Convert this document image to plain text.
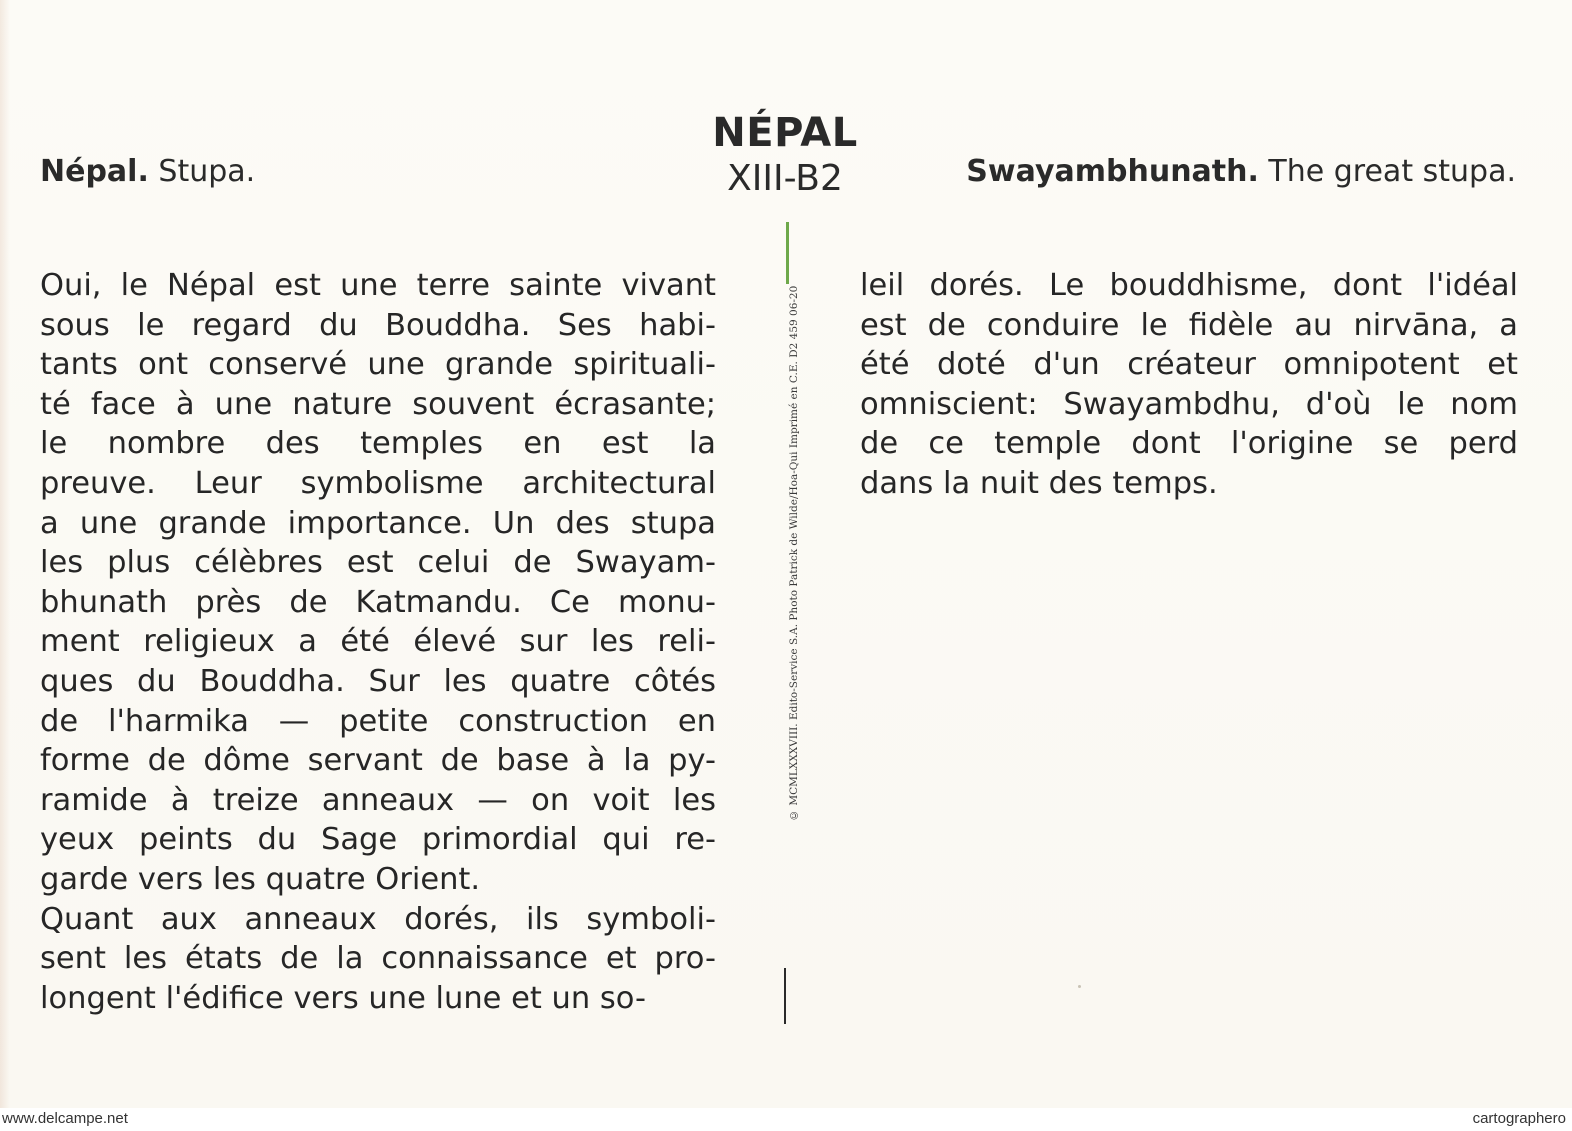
NÉPAL
XIII-B2
Népal. Stupa.	Swayambhunath. The great stupa.
Oui, le Népal est une terre sainte vivant
sous le regard du Bouddha. Ses habi-
tants ont conservé une grande spirituali-
té face à une nature souvent écrasante;
le nombre des temples en est la
preuve. Leur symbolisme architectural
a une grande importance. Un des stupa
les plus célèbres est celui de Swayam-
bhunath près de Katmandu. Ce monu-
ment religieux a été élevé sur les reli-
ques du Bouddha. Sur les quatre côtés
de l'harmika — petite construction en
forme de dôme servant de base à la py-
ramide à treize anneaux — on voit les
yeux peints du Sage primordial qui re-
garde vers les quatre Orient.
Quant aux anneaux dorés, ils symboli-
sent les états de la connaissance et pro-
longent l'édifice vers une lune et un so-
leil dorés. Le bouddhisme, dont l'idéal
est de conduire le fidèle au nirvāna, a
été doté d'un créateur omnipotent et
omniscient: Swayambdhu, d'où le nom
de ce temple dont l'origine se perd
dans la nuit des temps.
© MCMLXXXVIII. Edito-Service S.A. Photo Patrick de Wilde/Hoa-Qui Imprimé en C.E. D2 459 06-20
www.delcampe.net	cartographero
